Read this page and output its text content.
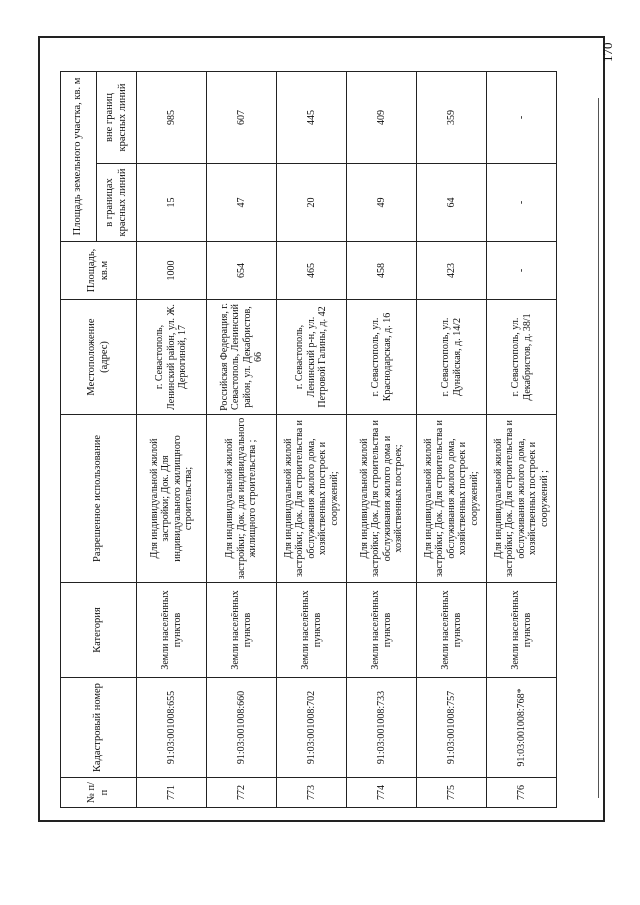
170
№ п/п	Кадастровый номер	Категория	Разрешенное использование	Местоположение (адрес)	Площадь, кв.м	Площадь земельного участка, кв. м	
						в границах красных линий	вне границ красных линий
771	91:03:001008:655	Земли населённых пунктов	Для индивидуальной жилой застройки; Док. Для индивидуального жилищного строительства;	г. Севастополь, Ленинский район, ул. Ж. Дерюгиной, 17	1000	15	985
772	91:03:001008:660	Земли населённых пунктов	Для индивидуальной жилой застройки; Док. для индивидуального жилищного строительства ;	Российская Федерация, г. Севастополь, Ленинский район, ул. Декабристов, 66	654	47	607
773	91:03:001008:702	Земли населённых пунктов	Для индивидуальной жилой застройки; Док. Для строительства и обслуживания жилого дома, хозяйственных построек и сооружений;	г. Севастополь, Ленинский р-н, ул. Петровой Галины, д. 42	465	20	445
774	91:03:001008:733	Земли населённых пунктов	Для индивидуальной жилой застройки; Док. Для строительства и обслуживания жилого дома и хозяйственных построек;	г. Севастополь, ул. Краснодарская, д. 16	458	49	409
775	91:03:001008:757	Земли населённых пунктов	Для индивидуальной жилой застройки; Док. Для строительства и обслуживания жилого дома, хозяйственных построек и сооружений;	г. Севастополь, ул. Дунайская, д. 14/2	423	64	359
776	91:03:001008:768*	Земли населённых пунктов	Для индивидуальной жилой застройки; Док. Для строительства и обслуживания жилого дома, хозяйственных построек и сооружений ;	г. Севастополь, ул. Декабристов, д. 38/1	-	-	-
